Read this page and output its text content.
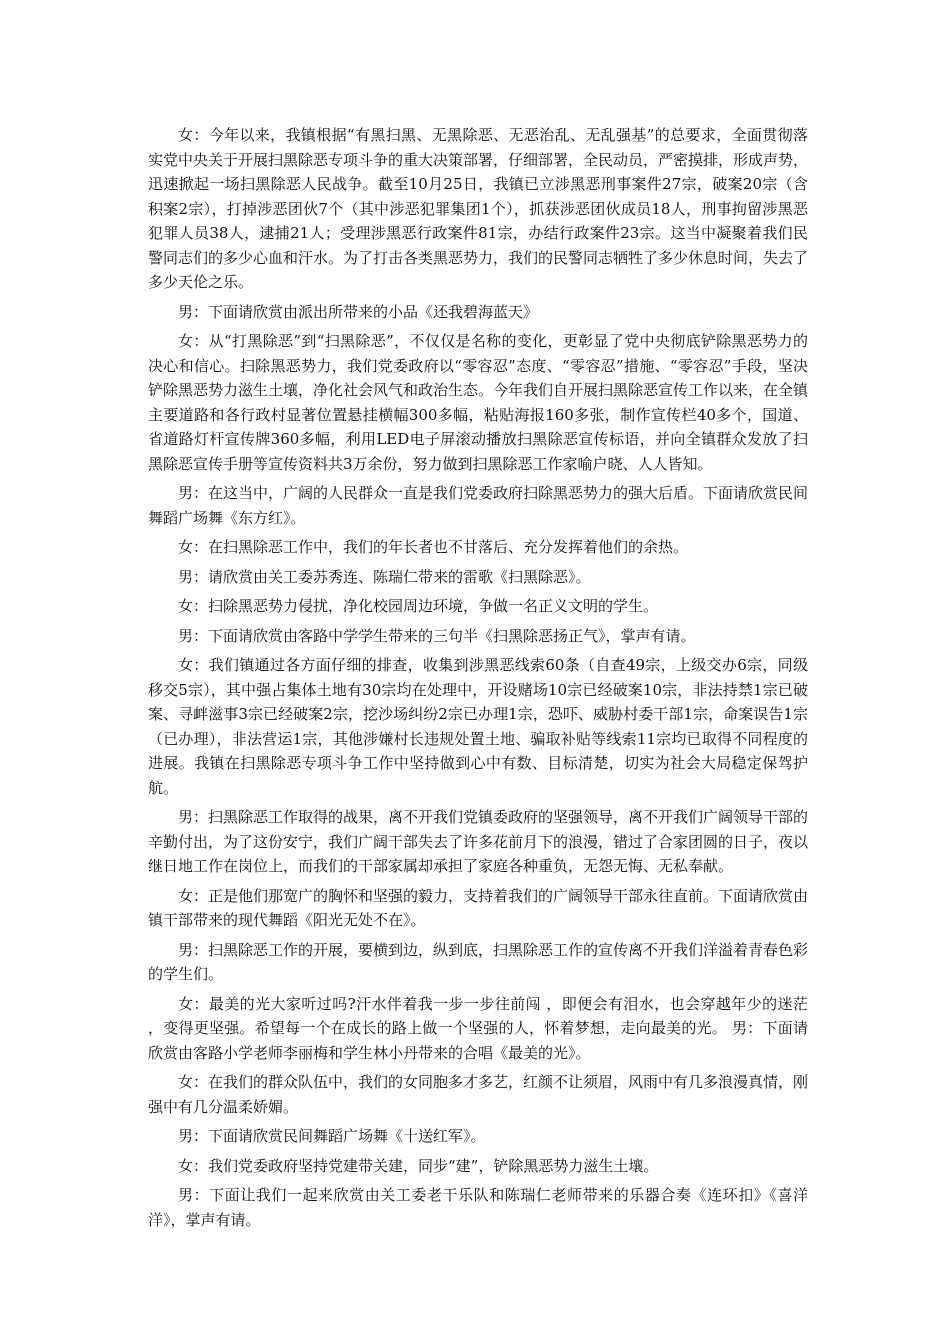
女：今年以来，我镇根据“有黑扫黑、无黑除恶、无恶治乱、无乱强基”的总要求，全面贯彻落实党中央关于开展扫黑除恶专项斗争的重大决策部署，仔细部署，全民动员，严密摸排，形成声势，迅速掀起一场扫黑除恶人民战争。截至10月25日，我镇已立涉黑恶刑事案件27宗，破案20宗（含积案2宗），打掉涉恶团伙7个（其中涉恶犯罪集团1个），抓获涉恶团伙成员18人，刑事拘留涉黑恶犯罪人员38人，逮捕21人；受理涉黑恶行政案件81宗，办结行政案件23宗。这当中凝聚着我们民警同志们的多少心血和汗水。为了打击各类黑恶势力，我们的民警同志牺牲了多少休息时间，失去了多少天伦之乐。

男：下面请欣赏由派出所带来的小品《还我碧海蓝天》

女：从“打黑除恶”到“扫黑除恶”，不仅仅是名称的变化，更彰显了党中央彻底铲除黑恶势力的决心和信心。扫除黑恶势力，我们党委政府以“零容忍”态度、“零容忍”措施、“零容忍”手段，坚决铲除黑恶势力滋生土壤，净化社会风气和政治生态。今年我们自开展扫黑除恶宣传工作以来，在全镇主要道路和各行政村显著位置悬挂横幅300多幅，粘贴海报160多张，制作宣传栏40多个，国道、省道路灯杆宣传牌360多幅，利用LED电子屏滚动播放扫黑除恶宣传标语，并向全镇群众发放了扫黑除恶宣传手册等宣传资料共3万余份，努力做到扫黑除恶工作家喻户晓、人人皆知。

男：在这当中，广阔的人民群众一直是我们党委政府扫除黑恶势力的强大后盾。下面请欣赏民间舞蹈广场舞《东方红》。

女：在扫黑除恶工作中，我们的年长者也不甘落后、充分发挥着他们的余热。

男：请欣赏由关工委苏秀连、陈瑞仁带来的雷歌《扫黑除恶》。

女：扫除黑恶势力侵扰，净化校园周边环境，争做一名正义文明的学生。

男：下面请欣赏由客路中学学生带来的三句半《扫黑除恶扬正气》，掌声有请。

女：我们镇通过各方面仔细的排查，收集到涉黑恶线索60条（自查49宗，上级交办6宗，同级移交5宗），其中强占集体土地有30宗均在处理中，开设赌场10宗已经破案10宗，非法持禁1宗已破案、寻衅滋事3宗已经破案2宗，挖沙场纠纷2宗已办理1宗，恐吓、威胁村委干部1宗，命案误告1宗（已办理），非法营运1宗，其他涉嫌村长违规处置土地、骗取补贴等线索11宗均已取得不同程度的进展。我镇在扫黑除恶专项斗争工作中坚持做到心中有数、目标清楚，切实为社会大局稳定保驾护航。

男：扫黑除恶工作取得的战果，离不开我们党镇委政府的坚强领导，离不开我们广阔领导干部的辛勤付出，为了这份安宁，我们广阔干部失去了许多花前月下的浪漫，错过了合家团圆的日子，夜以继日地工作在岗位上，而我们的干部家属却承担了家庭各种重负，无怨无悔、无私奉献。

女：正是他们那宽广的胸怀和坚强的毅力，支持着我们的广阔领导干部永往直前。下面请欣赏由镇干部带来的现代舞蹈《阳光无处不在》。

男：扫黑除恶工作的开展，要横到边，纵到底，扫黑除恶工作的宣传离不开我们洋溢着青春色彩的学生们。

女：最美的光大家听过吗?汗水伴着我一步一步往前闯 ，即便会有泪水，也会穿越年少的迷茫 ，变得更坚强。希望每一个在成长的路上做一个坚强的人，怀着梦想，走向最美的光。 男：下面请欣赏由客路小学老师李丽梅和学生林小丹带来的合唱《最美的光》。

女：在我们的群众队伍中，我们的女同胞多才多艺，红颜不让须眉，风雨中有几多浪漫真情，刚强中有几分温柔娇媚。

男：下面请欣赏民间舞蹈广场舞《十送红军》。

女：我们党委政府坚持党建带关建，同步“建”，铲除黑恶势力滋生土壤。

男：下面让我们一起来欣赏由关工委老干乐队和陈瑞仁老师带来的乐器合奏《连环扣》《喜洋洋》，掌声有请。
